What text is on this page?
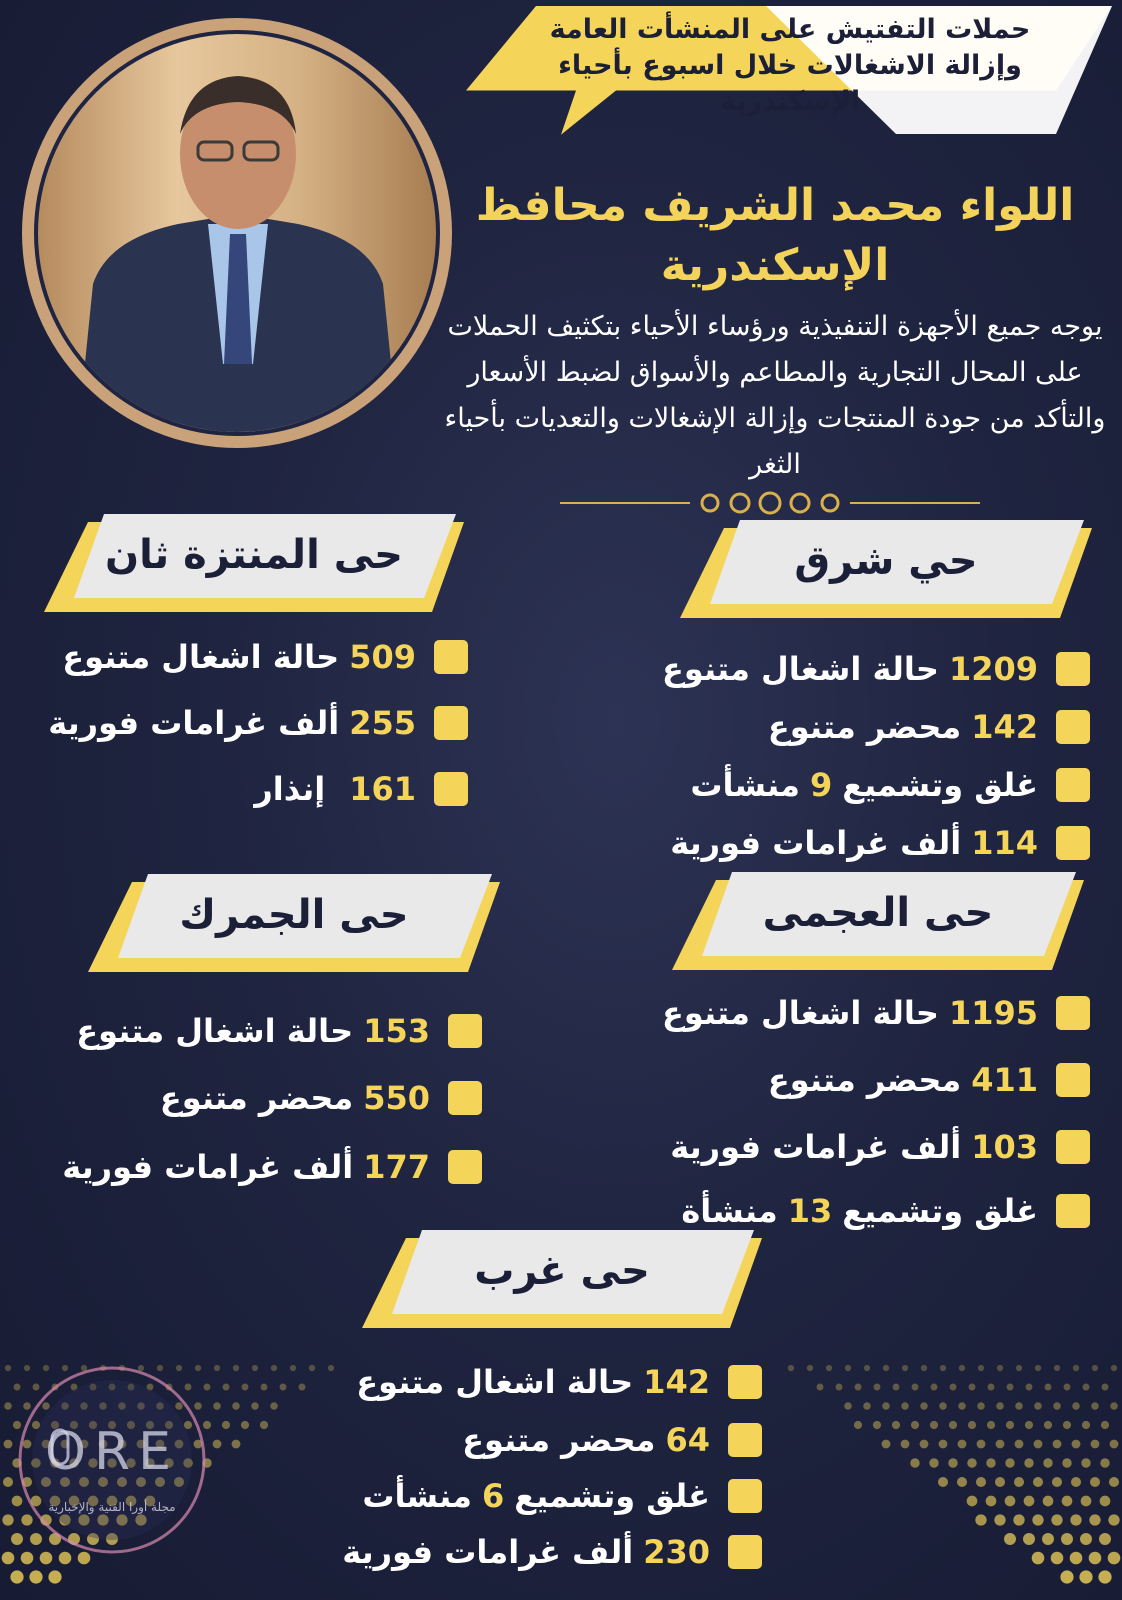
حملات التفتيش على المنشأت العامة وإزالة الاشغالات خلال اسبوع بأحياء الإسكندرية
اللواء محمد الشريف محافظ الإسكندرية
يوجه جميع الأجهزة التنفيذية ورؤساء الأحياء بتكثيف الحملات على المحال التجارية والمطاعم والأسواق لضبط الأسعار والتأكد من جودة المنتجات وإزالة الإشغالات والتعديات بأحياء الثغر
حي شرق
حى المنتزة ثان
حى العجمى
حى الجمرك
حى غرب
1209
حالة اشغال متنوع
142
محضر متنوع
غلق وتشميع
9
منشأت
114
ألف غرامات فورية
509
حالة اشغال متنوع
255
ألف غرامات فورية
161
إنذار
1195
حالة اشغال متنوع
411
محضر متنوع
103
ألف غرامات فورية
غلق وتشميع
13
منشأة
153
حالة اشغال متنوع
550
محضر متنوع
177
ألف غرامات فورية
142
حالة اشغال متنوع
64
محضر متنوع
غلق وتشميع
6
منشأت
230
ألف غرامات فورية
ORE
مجلة أورا الفنية والإخبارية
